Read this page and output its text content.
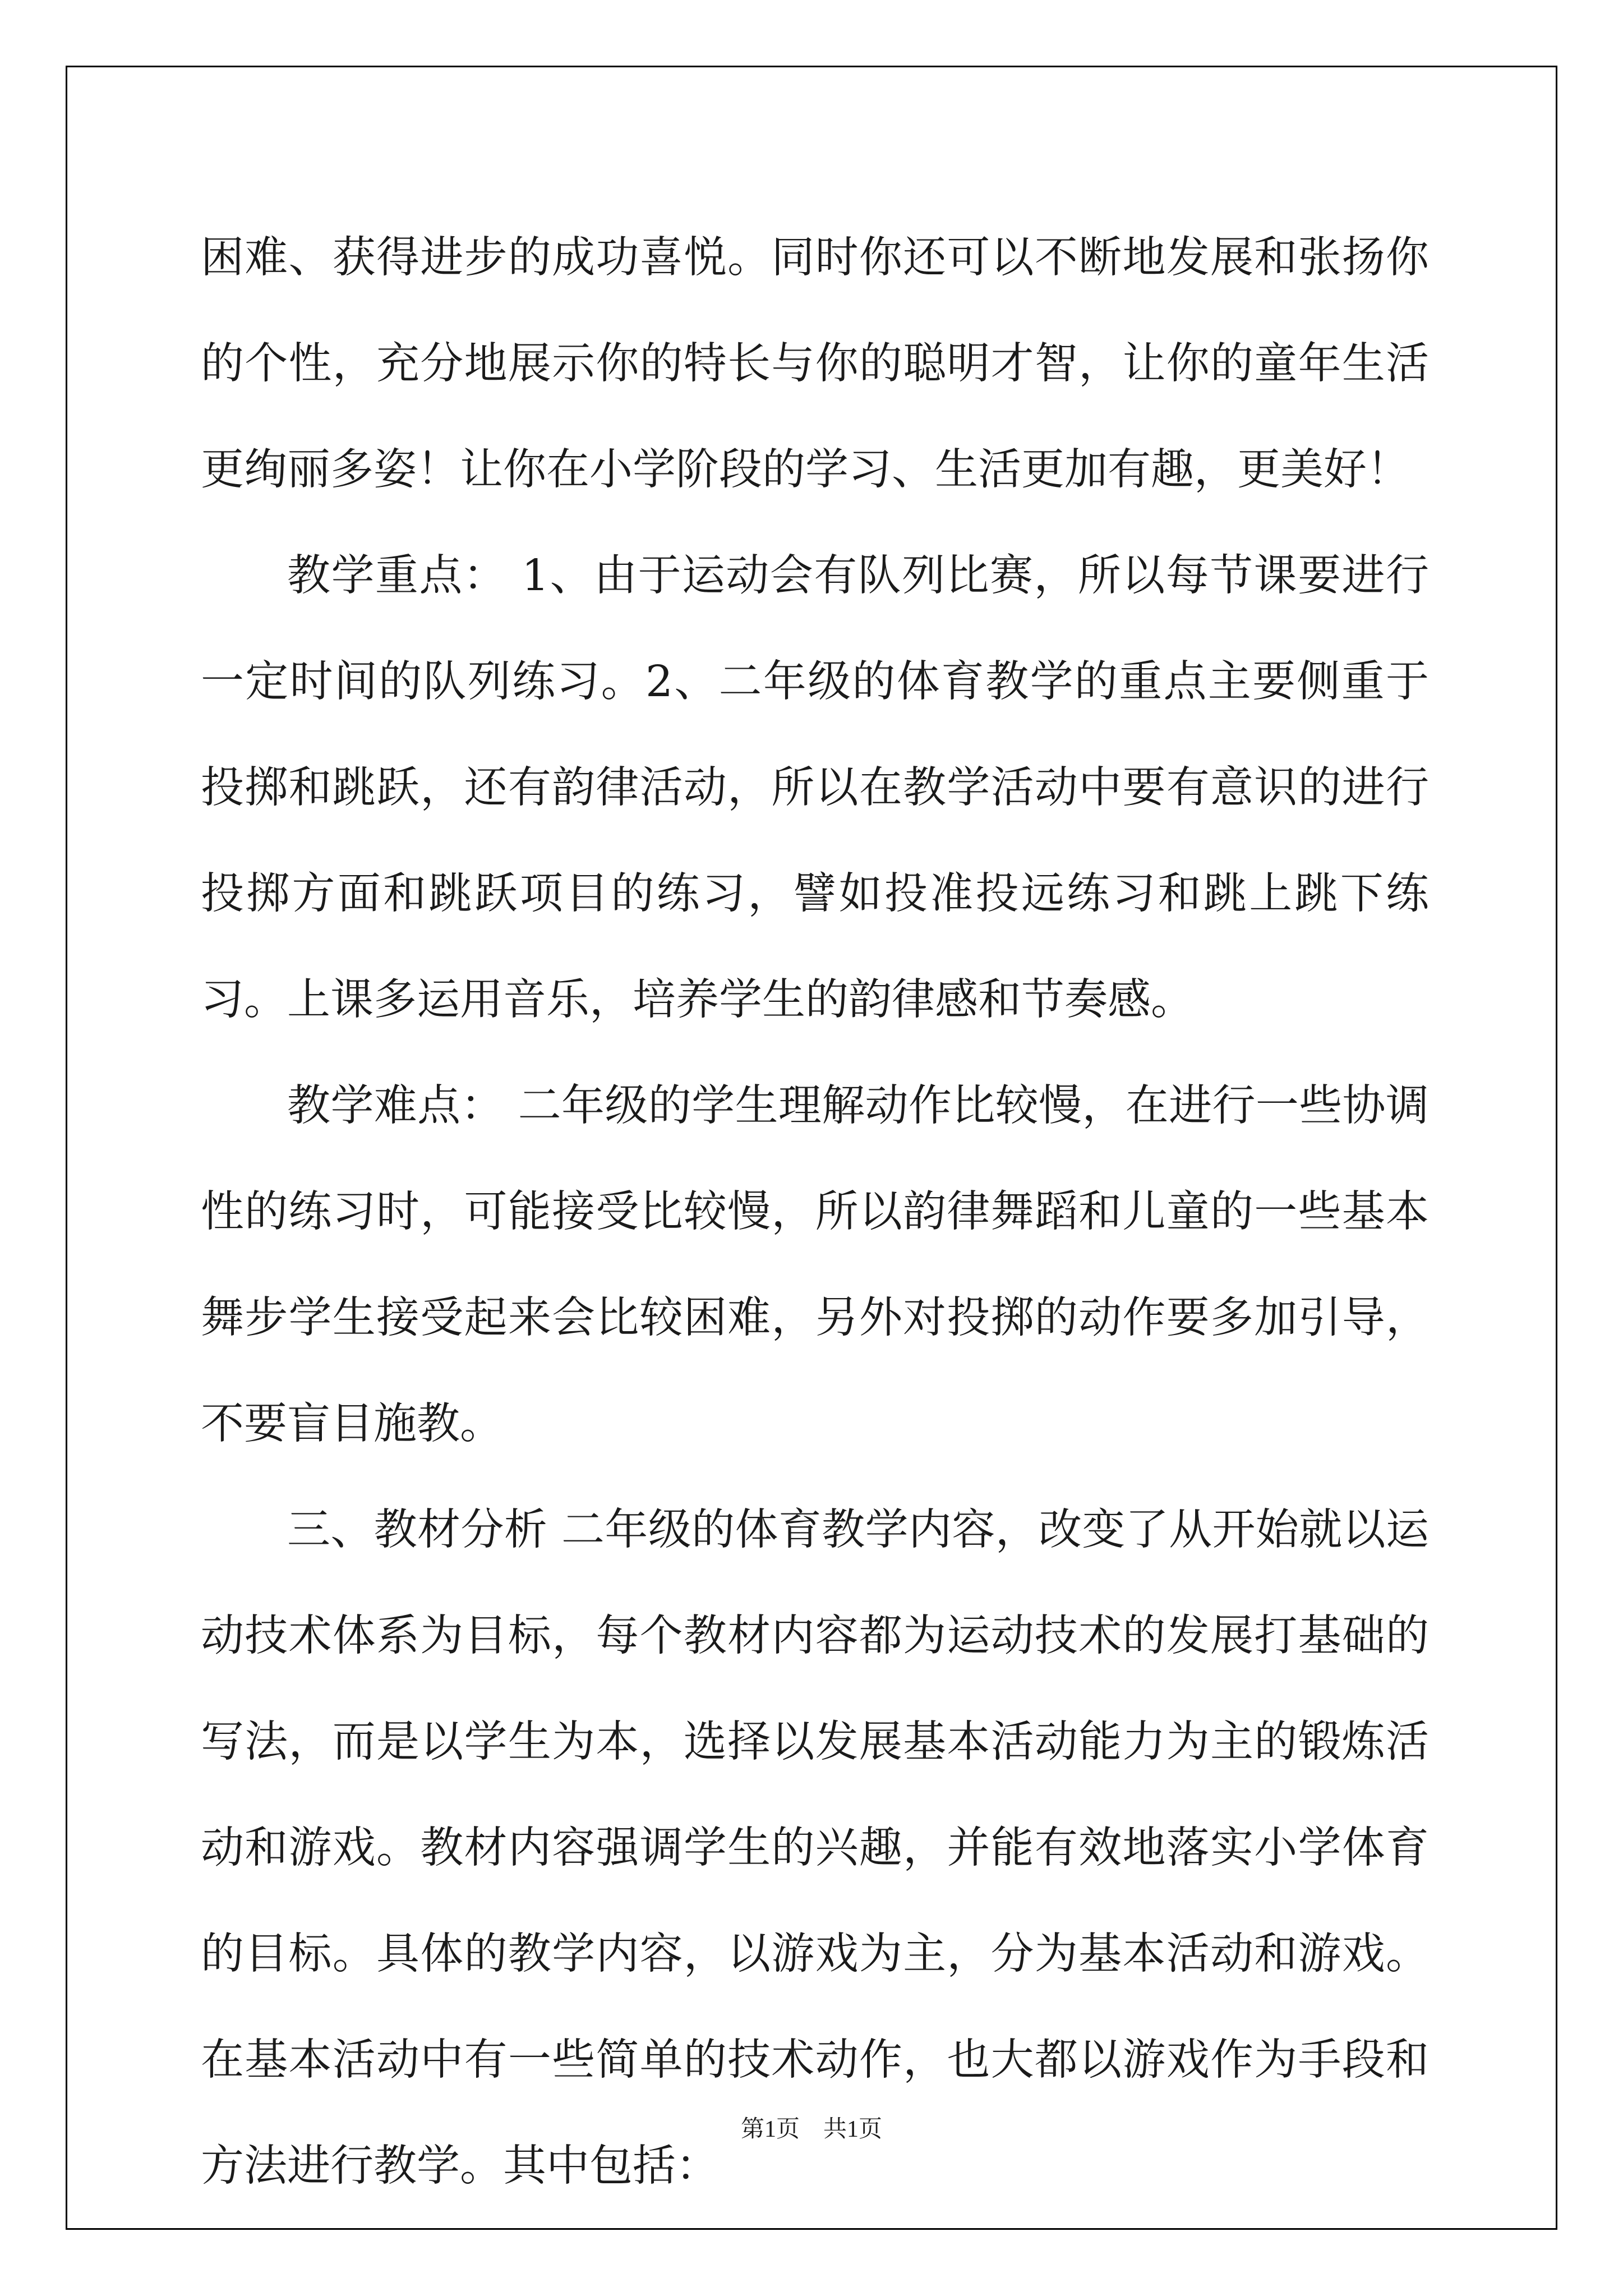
困难、获得进步的成功喜悦。同时你还可以不断地发展和张扬你的个性，充分地展示你的特长与你的聪明才智，让你的童年生活更绚丽多姿！让你在小学阶段的学习、生活更加有趣，更美好！

教学重点： 1、由于运动会有队列比赛，所以每节课要进行一定时间的队列练习。2、二年级的体育教学的重点主要侧重于投掷和跳跃，还有韵律活动，所以在教学活动中要有意识的进行投掷方面和跳跃项目的练习，譬如投准投远练习和跳上跳下练习。上课多运用音乐，培养学生的韵律感和节奏感。

教学难点： 二年级的学生理解动作比较慢，在进行一些协调性的练习时，可能接受比较慢，所以韵律舞蹈和儿童的一些基本舞步学生接受起来会比较困难，另外对投掷的动作要多加引导，不要盲目施教。

三、教材分析 二年级的体育教学内容，改变了从开始就以运动技术体系为目标，每个教材内容都为运动技术的发展打基础的写法，而是以学生为本，选择以发展基本活动能力为主的锻炼活动和游戏。教材内容强调学生的兴趣，并能有效地落实小学体育的目标。具体的教学内容，以游戏为主，分为基本活动和游戏。在基本活动中有一些简单的技术动作，也大都以游戏作为手段和方法进行教学。其中包括：

第1页　共1页
